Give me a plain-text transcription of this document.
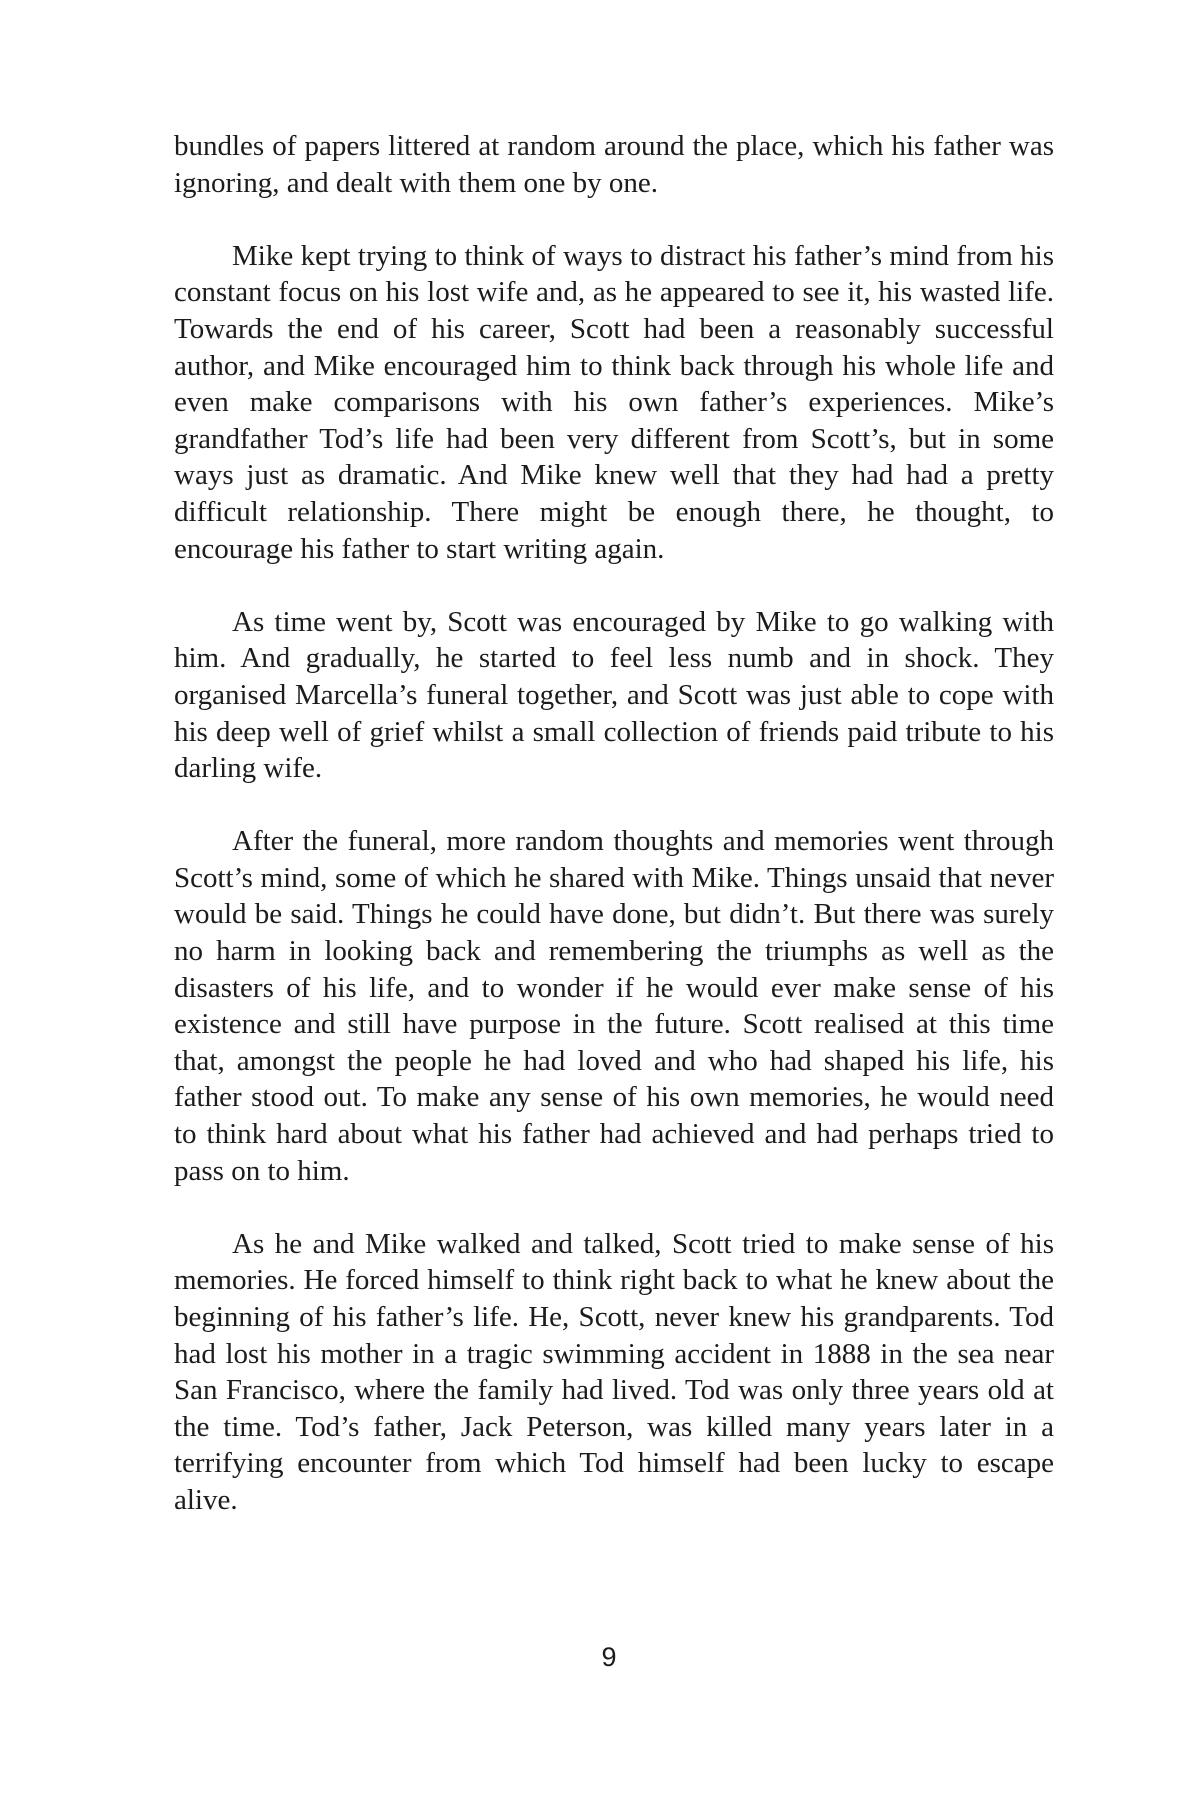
bundles of papers littered at random around the place, which his father was ignoring, and dealt with them one by one.

Mike kept trying to think of ways to distract his father’s mind from his constant focus on his lost wife and, as he appeared to see it, his wasted life. Towards the end of his career, Scott had been a reasonably successful author, and Mike encouraged him to think back through his whole life and even make comparisons with his own father’s experiences. Mike’s grandfather Tod’s life had been very different from Scott’s, but in some ways just as dramatic. And Mike knew well that they had had a pretty difficult relationship. There might be enough there, he thought, to encourage his father to start writing again.

As time went by, Scott was encouraged by Mike to go walking with him. And gradually, he started to feel less numb and in shock. They organised Marcella’s funeral together, and Scott was just able to cope with his deep well of grief whilst a small collection of friends paid tribute to his darling wife.

After the funeral, more random thoughts and memories went through Scott’s mind, some of which he shared with Mike. Things unsaid that never would be said. Things he could have done, but didn’t. But there was surely no harm in looking back and remembering the triumphs as well as the disasters of his life, and to wonder if he would ever make sense of his existence and still have purpose in the future. Scott realised at this time that, amongst the people he had loved and who had shaped his life, his father stood out. To make any sense of his own memories, he would need to think hard about what his father had achieved and had perhaps tried to pass on to him.

As he and Mike walked and talked, Scott tried to make sense of his memories. He forced himself to think right back to what he knew about the beginning of his father’s life. He, Scott, never knew his grandparents. Tod had lost his mother in a tragic swimming accident in 1888 in the sea near San Francisco, where the family had lived. Tod was only three years old at the time. Tod’s father, Jack Peterson, was killed many years later in a terrifying encounter from which Tod himself had been lucky to escape alive.

9
